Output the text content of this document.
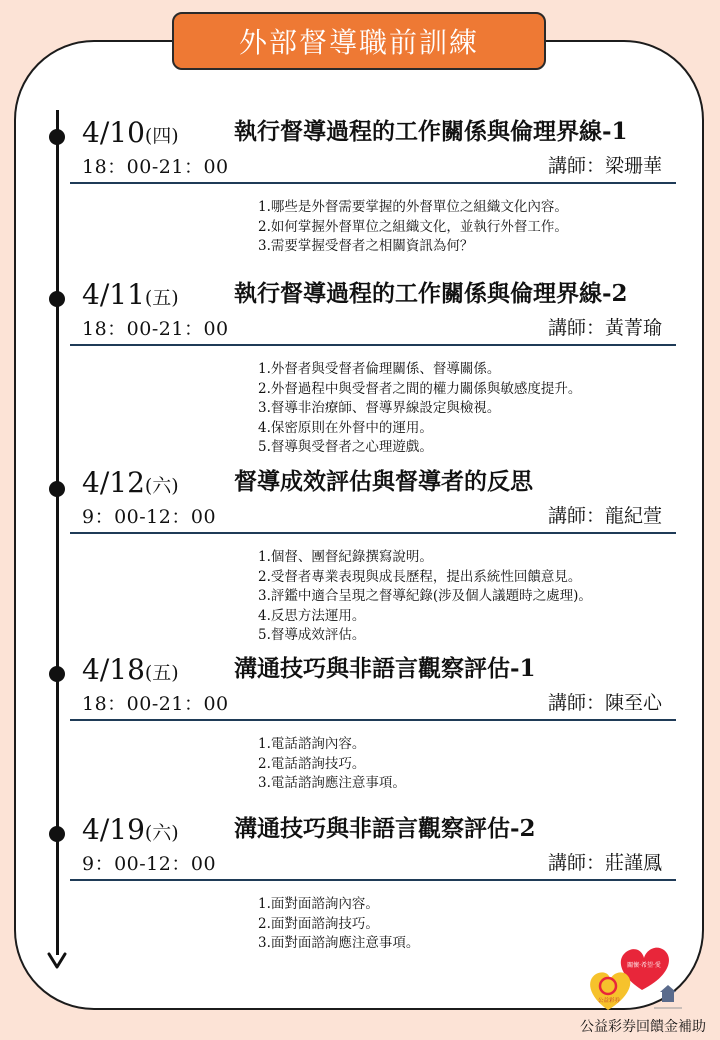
外部督導職前訓練
4/10(四)
18：00-21：00
執行督導過程的工作關係與倫理界線-1
講師：梁珊華
1.哪些是外督需要掌握的外督單位之組織文化內容。
2.如何掌握外督單位之組織文化，並執行外督工作。
3.需要掌握受督者之相關資訊為何？
4/11(五)
18：00-21：00
執行督導過程的工作關係與倫理界線-2
講師：黃菁瑜
1.外督者與受督者倫理關係、督導關係。
2.外督過程中與受督者之間的權力關係與敏感度提升。
3.督導非治療師、督導界線設定與檢視。
4.保密原則在外督中的運用。
5.督導與受督者之心理遊戲。
4/12(六)
9：00-12：00
督導成效評估與督導者的反思
講師：龍紀萱
1.個督、團督紀錄撰寫說明。
2.受督者專業表現與成長歷程，提出系統性回饋意見。
3.評鑑中適合呈現之督導紀錄(涉及個人議題時之處理)。
4.反思方法運用。
5.督導成效評估。
4/18(五)
18：00-21：00
溝通技巧與非語言觀察評估-1
講師：陳至心
1.電話諮詢內容。
2.電話諮詢技巧。
3.電話諮詢應注意事項。
4/19(六)
9：00-12：00
溝通技巧與非語言觀察評估-2
講師：莊謹鳳
1.面對面諮詢內容。
2.面對面諮詢技巧。
3.面對面諮詢應注意事項。
關懷‧希望‧愛
公益彩券
公益彩券回饋金補助
